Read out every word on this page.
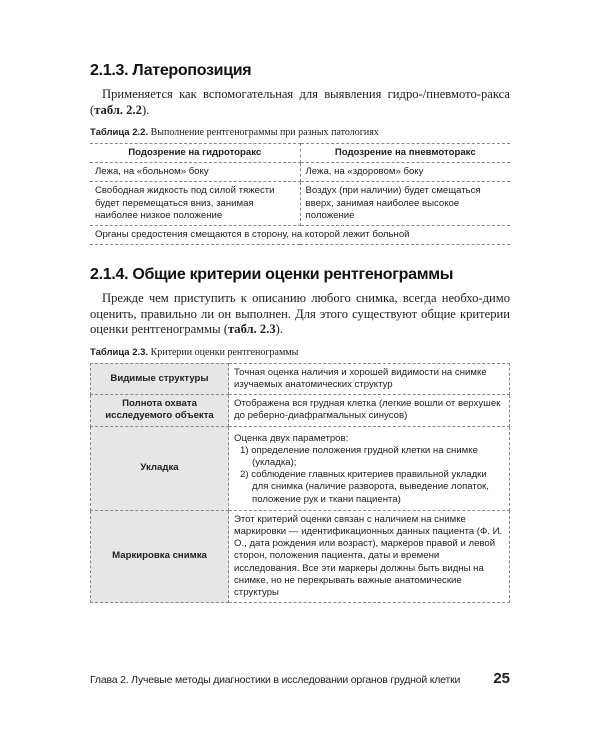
2.1.3. Латеропозиция

Применяется как вспомогательная для выявления гидро-/пневмото-ракса (табл. 2.2).

Таблица 2.2. Выполнение рентгенограммы при разных патологиях

Подозрение на гидроторакс	Подозрение на пневмоторакс
Лежа, на «больном» боку	Лежа, на «здоровом» боку
Свободная жидкость под силой тяжести будет перемещаться вниз, занимая наиболее низкое положение	Воздух (при наличии) будет смещаться вверх, занимая наиболее высокое положение
Органы средостения смещаются в сторону, на которой лежит больной	
2.1.4. Общие критерии оценки рентгенограммы

Прежде чем приступить к описанию любого снимка, всегда необхо-димо оценить, правильно ли он выполнен. Для этого существуют общие критерии оценки рентгенограммы (табл. 2.3).

Таблица 2.3. Критерии оценки рентгенограммы

Видимые структуры	Точная оценка наличия и хорошей видимости на снимке изучаемых анатомических структур
Полнота охвата исследуемого объекта	Отображена вся грудная клетка (легкие вошли от верхушек до реберно-диафрагмальных синусов)
Укладка	Оценка двух параметров:
1) определение положения грудной клетки на снимке (укладка);
2) соблюдение главных критериев правильной укладки для снимка (наличие разворота, выведение лопаток, положение рук и ткани пациента)

Маркировка снимка	Этот критерий оценки связан с наличием на снимке маркировки — идентификационных данных пациента (Ф. И. О., дата рождения или возраст), маркеров правой и левой сторон, положения пациента, даты и времени исследования. Все эти маркеры должны быть видны на снимке, но не перекрывать важные анатомические структуры
Глава 2. Лучевые методы диагностики в исследовании органов грудной клетки 25
